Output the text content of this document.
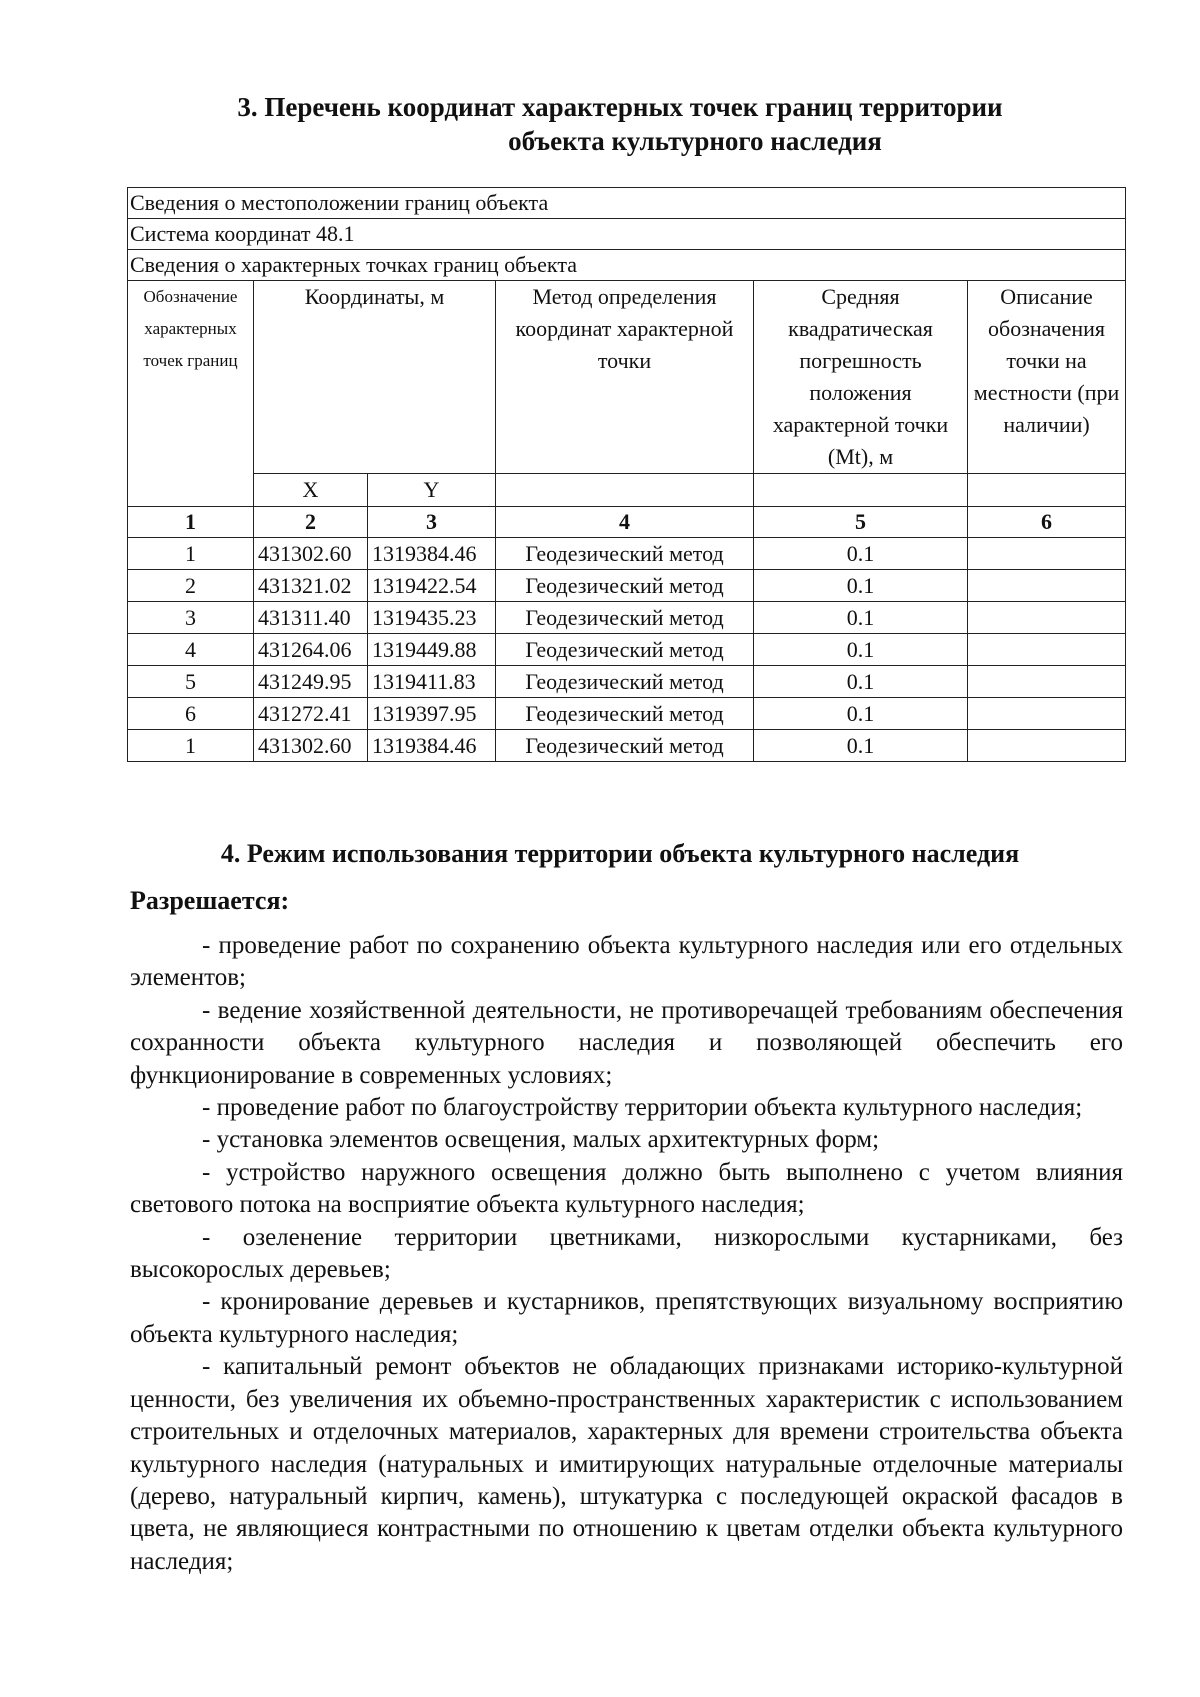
3. Перечень координат характерных точек границ территории
объекта культурного наследия
Сведения о местоположении границ объекта					
Система координат 48.1					
Сведения о характерных точках границ объекта					
Обозначение характерных точек границ	Координаты, м		Метод определения координат характерной точки	Средняя квадратическая погрешность положения характерной точки (Mt), м	Описание обозначения точки на местности (при наличии)
	X	Y			
1	2	3	4	5	6
1	431302.60	1319384.46	Геодезический метод	0.1	
2	431321.02	1319422.54	Геодезический метод	0.1	
3	431311.40	1319435.23	Геодезический метод	0.1	
4	431264.06	1319449.88	Геодезический метод	0.1	
5	431249.95	1319411.83	Геодезический метод	0.1	
6	431272.41	1319397.95	Геодезический метод	0.1	
1	431302.60	1319384.46	Геодезический метод	0.1	
4. Режим использования территории объекта культурного наследия
Разрешается:

- проведение работ по сохранению объекта культурного наследия или его отдельных элементов;

- ведение хозяйственной деятельности, не противоречащей требованиям обеспечения сохранности объекта культурного наследия и позволяющей обеспечить его функционирование в современных условиях;

- проведение работ по благоустройству территории объекта культурного наследия;

- установка элементов освещения, малых архитектурных форм;

- устройство наружного освещения должно быть выполнено с учетом влияния светового потока на восприятие объекта культурного наследия;

- озеленение территории цветниками, низкорослыми кустарниками, без высокорослых деревьев;

- кронирование деревьев и кустарников, препятствующих визуальному восприятию объекта культурного наследия;

- капитальный ремонт объектов не обладающих признаками историко-культурной ценности, без увеличения их объемно-пространственных характеристик с использованием строительных и отделочных материалов, характерных для времени строительства объекта культурного наследия (натуральных и имитирующих натуральные отделочные материалы (дерево, натуральный кирпич, камень), штукатурка с последующей окраской фасадов в цвета, не являющиеся контрастными по отношению к цветам отделки объекта культурного наследия;
